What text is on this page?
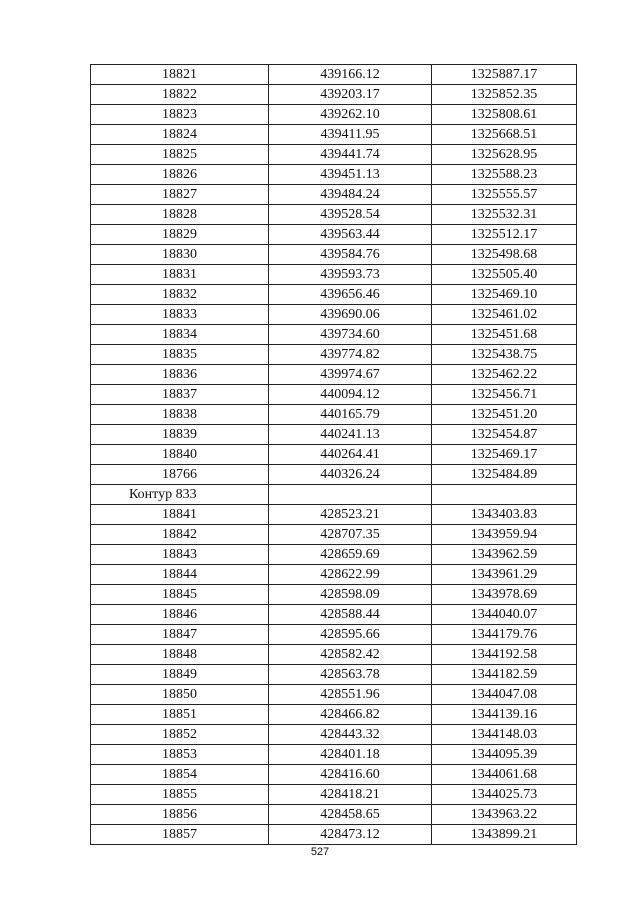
18821	439166.12	1325887.17
18822	439203.17	1325852.35
18823	439262.10	1325808.61
18824	439411.95	1325668.51
18825	439441.74	1325628.95
18826	439451.13	1325588.23
18827	439484.24	1325555.57
18828	439528.54	1325532.31
18829	439563.44	1325512.17
18830	439584.76	1325498.68
18831	439593.73	1325505.40
18832	439656.46	1325469.10
18833	439690.06	1325461.02
18834	439734.60	1325451.68
18835	439774.82	1325438.75
18836	439974.67	1325462.22
18837	440094.12	1325456.71
18838	440165.79	1325451.20
18839	440241.13	1325454.87
18840	440264.41	1325469.17
18766	440326.24	1325484.89
Контур 833		
18841	428523.21	1343403.83
18842	428707.35	1343959.94
18843	428659.69	1343962.59
18844	428622.99	1343961.29
18845	428598.09	1343978.69
18846	428588.44	1344040.07
18847	428595.66	1344179.76
18848	428582.42	1344192.58
18849	428563.78	1344182.59
18850	428551.96	1344047.08
18851	428466.82	1344139.16
18852	428443.32	1344148.03
18853	428401.18	1344095.39
18854	428416.60	1344061.68
18855	428418.21	1344025.73
18856	428458.65	1343963.22
18857	428473.12	1343899.21
527
